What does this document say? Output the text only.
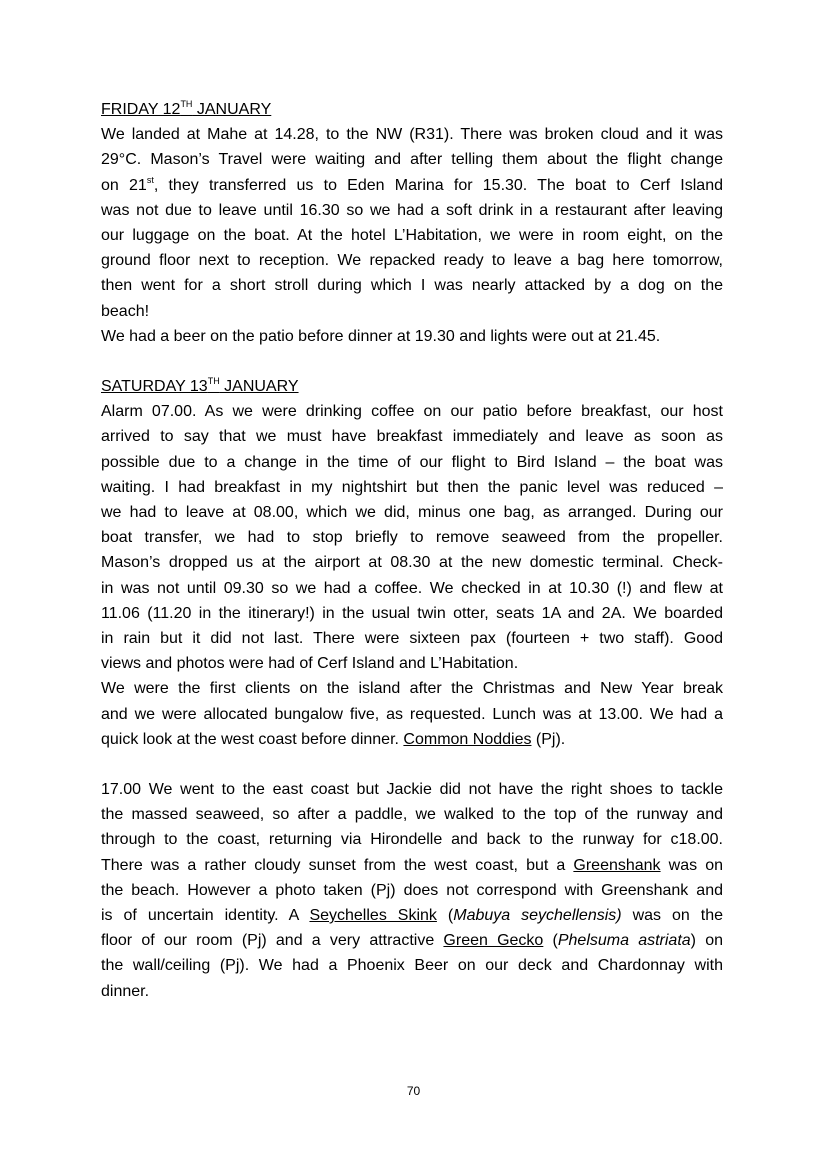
FRIDAY 12TH JANUARY
We landed at Mahe at 14.28, to the NW (R31). There was broken cloud and it was
29°C. Mason’s Travel were waiting and after telling them about the flight change
on 21st, they transferred us to Eden Marina for 15.30. The boat to Cerf Island
was not due to leave until 16.30 so we had a soft drink in a restaurant after leaving
our luggage on the boat. At the hotel L’Habitation, we were in room eight, on the
ground floor next to reception. We repacked ready to leave a bag here tomorrow,
then went for a short stroll during which I was nearly attacked by a dog on the
beach!
We had a beer on the patio before dinner at 19.30 and lights were out at 21.45.
SATURDAY 13TH JANUARY
Alarm 07.00. As we were drinking coffee on our patio before breakfast, our host
arrived to say that we must have breakfast immediately and leave as soon as
possible due to a change in the time of our flight to Bird Island – the boat was
waiting. I had breakfast in my nightshirt but then the panic level was reduced –
we had to leave at 08.00, which we did, minus one bag, as arranged. During our
boat transfer, we had to stop briefly to remove seaweed from the propeller.
Mason’s dropped us at the airport at 08.30 at the new domestic terminal. Check-
in was not until 09.30 so we had a coffee. We checked in at 10.30 (!) and flew at
11.06 (11.20 in the itinerary!) in the usual twin otter, seats 1A and 2A. We boarded
in rain but it did not last. There were sixteen pax (fourteen + two staff). Good
views and photos were had of Cerf Island and L’Habitation.
We were the first clients on the island after the Christmas and New Year break
and we were allocated bungalow five, as requested. Lunch was at 13.00. We had a
quick look at the west coast before dinner. Common Noddies (Pj).
17.00 We went to the east coast but Jackie did not have the right shoes to tackle
the massed seaweed, so after a paddle, we walked to the top of the runway and
through to the coast, returning via Hirondelle and back to the runway for c18.00.
There was a rather cloudy sunset from the west coast, but a Greenshank was on
the beach. However a photo taken (Pj) does not correspond with Greenshank and
is of uncertain identity. A Seychelles Skink (Mabuya seychellensis) was on the
floor of our room (Pj) and a very attractive Green Gecko (Phelsuma astriata) on
the wall/ceiling (Pj). We had a Phoenix Beer on our deck and Chardonnay with
dinner.
70
